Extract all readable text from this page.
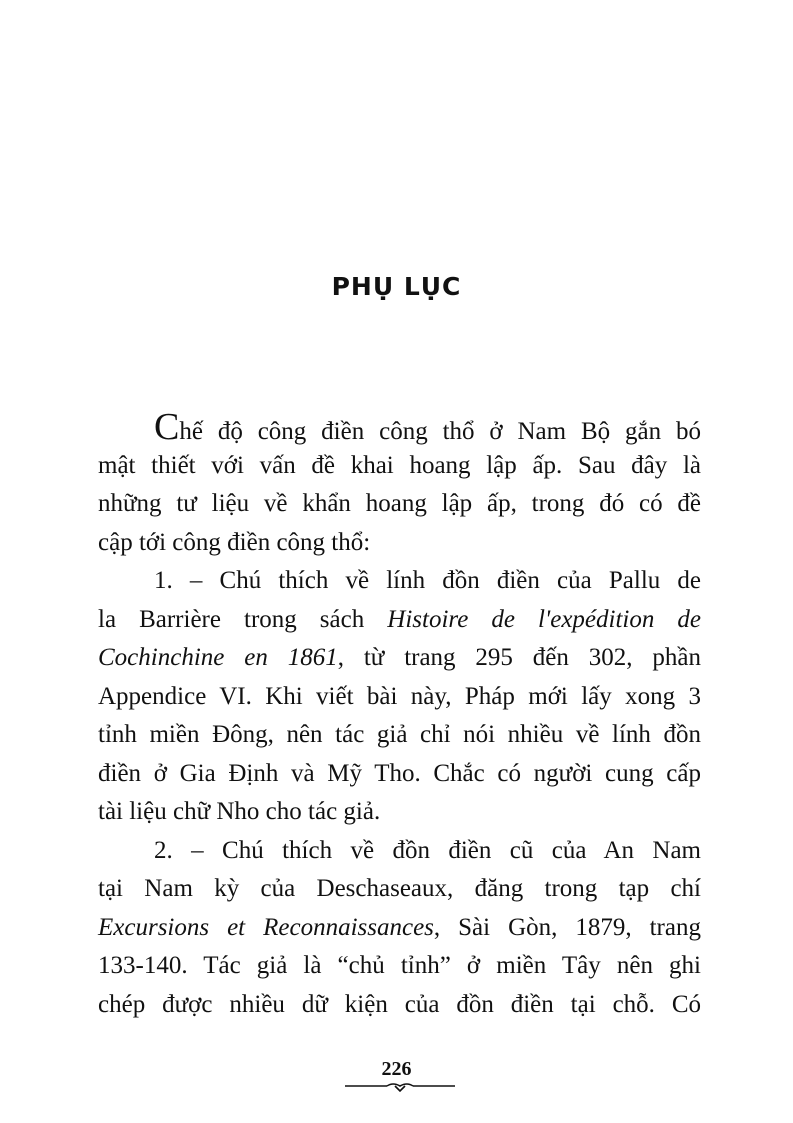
PHỤ LỤC
Chế độ công điền công thổ ở Nam Bộ gắn bó
mật thiết với vấn đề khai hoang lập ấp. Sau đây là
những tư liệu về khẩn hoang lập ấp, trong đó có đề
cập tới công điền công thổ:
1. – Chú thích về lính đồn điền của Pallu de
la Barrière trong sách Histoire de l'expédition de
Cochinchine en 1861, từ trang 295 đến 302, phần
Appendice VI. Khi viết bài này, Pháp mới lấy xong 3
tỉnh miền Đông, nên tác giả chỉ nói nhiều về lính đồn
điền ở Gia Định và Mỹ Tho. Chắc có người cung cấp
tài liệu chữ Nho cho tác giả.
2. – Chú thích về đồn điền cũ của An Nam
tại Nam kỳ của Deschaseaux, đăng trong tạp chí
Excursions et Reconnaissances, Sài Gòn, 1879, trang
133-140. Tác giả là “chủ tỉnh” ở miền Tây nên ghi
chép được nhiều dữ kiện của đồn điền tại chỗ. Có
226
